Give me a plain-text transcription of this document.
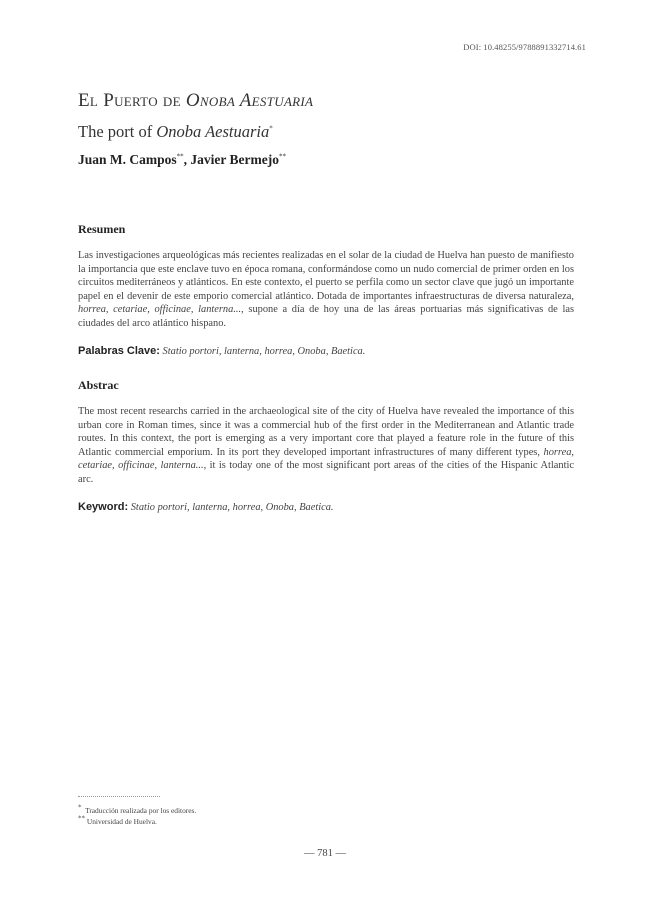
DOI: 10.48255/9788891332714.61
El Puerto de Onoba Aestuaria
The port of Onoba Aestuaria*
Juan M. Campos**, Javier Bermejo**
Resumen

Las investigaciones arqueológicas más recientes realizadas en el solar de la ciudad de Huelva han puesto de manifiesto la importancia que este enclave tuvo en época romana, conformándose como un nudo comercial de primer orden en los circuitos mediterráneos y atlánticos. En este contexto, el puerto se perfila como un sector clave que jugó un importante papel en el devenir de este emporio comercial atlántico. Dotada de importantes infraestructuras de diversa naturaleza, horrea, cetariae, officinae, lanterna..., supone a día de hoy una de las áreas portuarias más significativas de las ciudades del arco atlántico hispano.

Palabras Clave: Statio portori, lanterna, horrea, Onoba, Baetica.

Abstrac

The most recent researchs carried in the archaeological site of the city of Huelva have revealed the importance of this urban core in Roman times, since it was a commercial hub of the first order in the Mediterranean and Atlantic trade routes. In this context, the port is emerging as a very important core that played a feature role in the future of this Atlantic commercial emporium. In its port they developed important infrastructures of many different types, horrea, cetariae, officinae, lanterna..., it is today one of the most significant port areas of the cities of the Hispanic Atlantic arc.

Keyword: Statio portori, lanterna, horrea, Onoba, Baetica.

* Traducción realizada por los editores.
** Universidad de Huelva.
— 781 —
